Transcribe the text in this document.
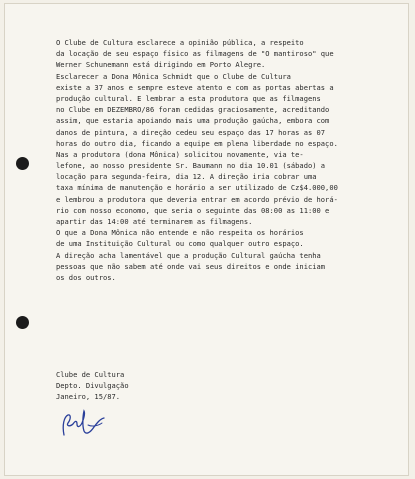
O Clube de Cultura esclarece a opinião pública, a respeito
da locação de seu espaço físico as filmagens de "O mantiroso" que
Werner Schunemann está dirigindo em Porto Alegre.
Esclarecer a Dona Mônica Schmidt que o Clube de Cultura
existe a 37 anos e sempre esteve atento e com as portas abertas a
produção cultural. E lembrar a esta produtora que as filmagens
no Clube em DEZEMBRO/86 foram cedidas graciosamente, acreditando
assim, que estaria apoiando mais uma produção gaúcha, embora com
danos de pintura, a direção cedeu seu espaço das 17 horas as 07
horas do outro dia, ficando a equipe em plena liberdade no espaço.
Nas a produtora (dona Mônica) solicitou novamente, via te-
lefone, ao nosso presidente Sr. Baumann no dia 10.01 (sábado) a
locação para segunda-feira, dia 12. A direção iria cobrar uma
taxa mínima de manutenção e horário a ser utilizado de Cz$4.000,00
e lembrou a produtora que deveria entrar em acordo prévio de horá-
rio com nosso economo, que seria o seguinte das 08:00 as 11:00 e
apartir das 14:00 até terminarem as filmagens.
O que a Dona Mônica não entende e não respeita os horários
de uma Instituição Cultural ou como qualquer outro espaço.
A direção acha lamentável que a produção Cultural gaúcha tenha
pessoas que não sabem até onde vai seus direitos e onde iniciam
os dos outros.
Clube de Cultura
Depto. Divulgação
Janeiro, 15/87.
